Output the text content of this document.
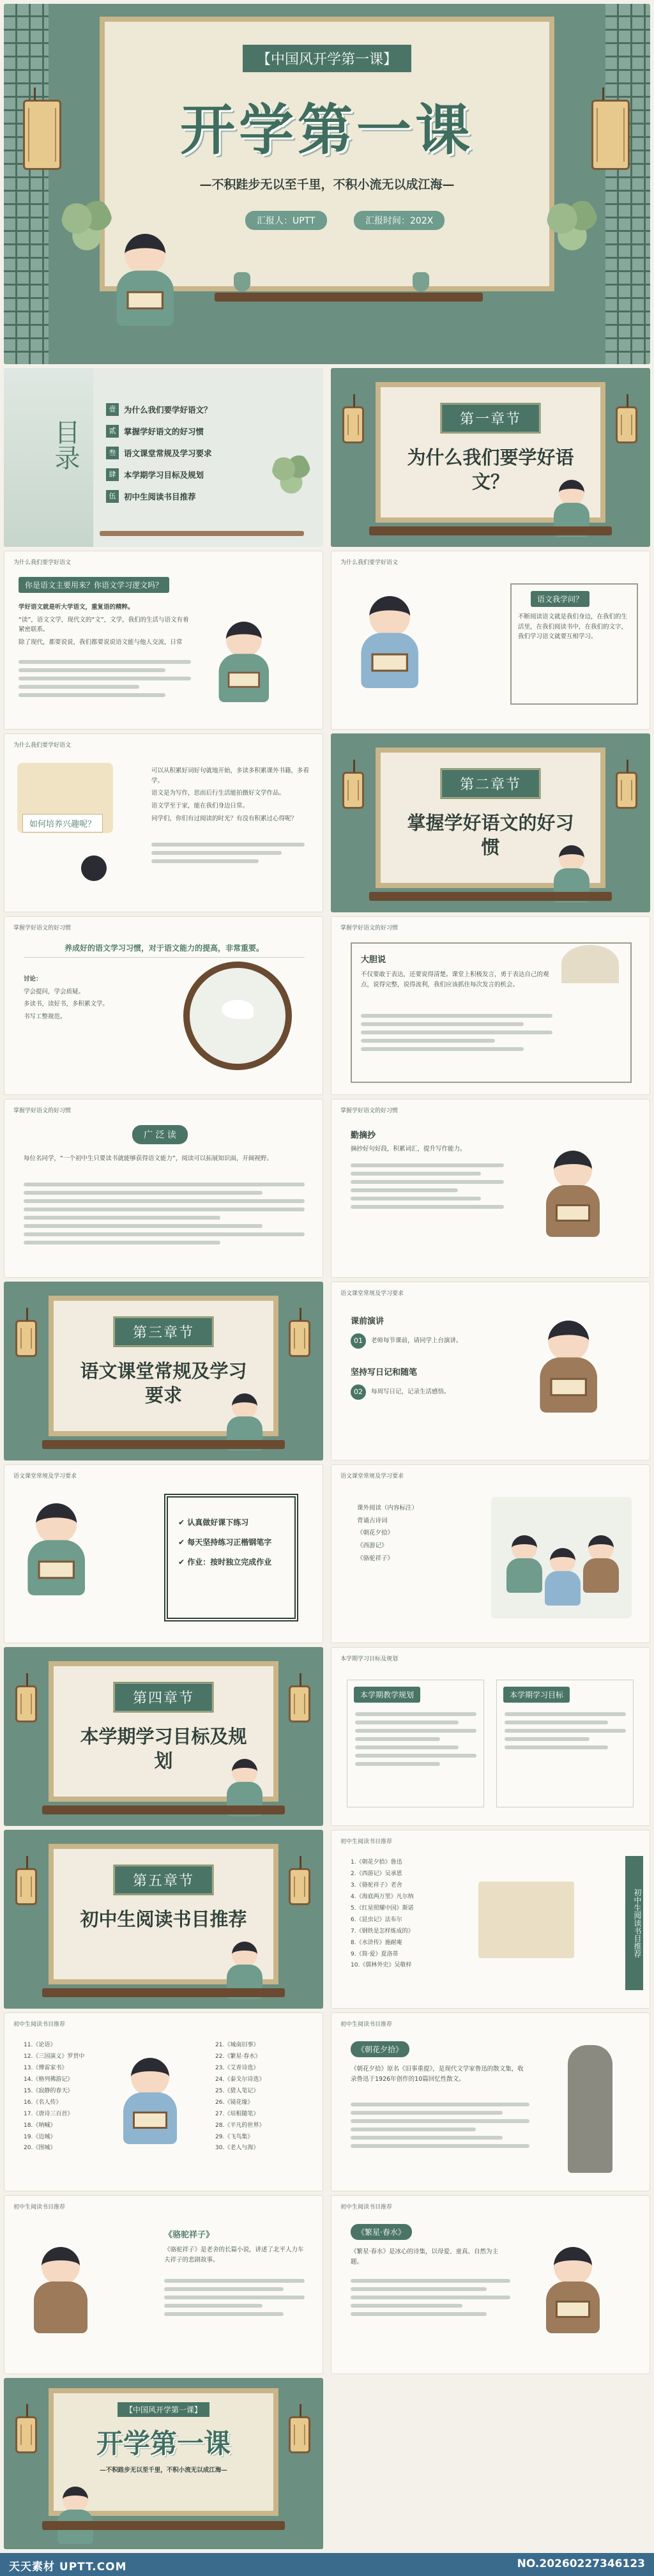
【中国风开学第一课】
开学第一课
—不积跬步无以至千里，不积小流无以成江海—
汇报人：UPTT	汇报时间：202X
目录
壹	为什么我们要学好语文？
贰	掌握学好语文的好习惯
叁	语文课堂常规及学习要求
肆	本学期学习目标及规划
伍	初中生阅读书目推荐
第一章节
为什么我们要学好语文？
为什么我们要学好语文
你是语文主要用来？你语文学习逻文吗？

学好语文就是听大学语文，重复语的精粹。

“读”，语文文学，现代文的“文”，文学，我们的生活与语文有着紧密联系。

除了现代，都要说说，我们都要说说语文能与他人交流，日常

为什么我们要学好语文
语文我学问？
不断阅读语文就是我们身边，在我们的生活里，在我们阅读书中，在我们的文字，我们学习语文就要互相学习。
为什么我们要学好语文
如何培养兴趣呢？

可以从积累好词好句就地开始，多读多积累课外书籍，多看学。

语文是为写作，思而后行生活能拍摄好文学作品。

语文学至于家，能在我们身边日常。

同学们，你们有过阅读的时光？有没有积累过心得呢？

第二章节
掌握学好语文的好习惯
掌握学好语文的好习惯
养成好的语文学习习惯，对于语文能力的提高，非常重要。

讨论：

学会提问，学会质疑。

多读书，读好书，多积累文学。

书写工整规范。

掌握学好语文的好习惯
大胆说
不仅要敢于表达，还要说得清楚。课堂上积极发言，勇于表达自己的观点，说得完整，说得流利，我们应该抓住每次发言的机会。
掌握学好语文的好习惯
广 泛 读
每位名同学，“一个初中生只要读书就能够获得语文能力”，阅读可以拓展知识面，开阔视野。
掌握学好语文的好习惯
勤摘抄
摘抄好句好段，积累词汇，提升写作能力。
第三章节
语文课堂常规及学习要求
语文课堂常规及学习要求
课前演讲
01	老师每节课前，请同学上台演讲。
坚持写日记和随笔
02	每周写日记，记录生活感悟。
语文课堂常规及学习要求
✔ 认真做好课下练习
✔ 每天坚持练习正楷钢笔字
✔ 作业：按时独立完成作业
语文课堂常规及学习要求

课外阅读（内容标注）

背诵古诗词

《朝花夕拾》

《西游记》

《骆驼祥子》

第四章节
本学期学习目标及规划
本学期学习目标及规划
本学期教学规划	本学期学习目标
第五章节
初中生阅读书目推荐
初中生阅读书目推荐

1.《朝花夕拾》鲁迅

2.《西游记》吴承恩

3.《骆驼祥子》老舍

4.《海底两万里》凡尔纳

5.《红星照耀中国》斯诺

6.《昆虫记》法布尔

7.《钢铁是怎样炼成的》

8.《水浒传》施耐庵

9.《简·爱》夏洛蒂

10.《儒林外史》吴敬梓

初中生阅读书目推荐
初中生阅读书目推荐

11.《论语》

12.《三国演义》罗贯中

13.《傅雷家书》

14.《格列佛游记》

15.《寂静的春天》

16.《名人传》

17.《唐诗三百首》

18.《呐喊》

19.《边城》

20.《围城》

21.《城南旧事》

22.《繁星·春水》

23.《艾青诗选》

24.《泰戈尔诗选》

25.《猎人笔记》

26.《镜花缘》

27.《培根随笔》

28.《平凡的世界》

29.《飞鸟集》

30.《老人与海》

初中生阅读书目推荐
《朝花夕拾》
《朝花夕拾》原名《旧事重提》，是现代文学家鲁迅的散文集，收录鲁迅于1926年创作的10篇回忆性散文。
初中生阅读书目推荐
《骆驼祥子》
《骆驼祥子》是老舍的长篇小说，讲述了北平人力车夫祥子的悲剧故事。
初中生阅读书目推荐
《繁星·春水》
《繁星·春水》是冰心的诗集，以母爱、童真、自然为主题。
【中国风开学第一课】
开学第一课
—不积跬步无以至千里，不积小流无以成江海—
天天素材 UPTT.COM	NO.20260227346123
